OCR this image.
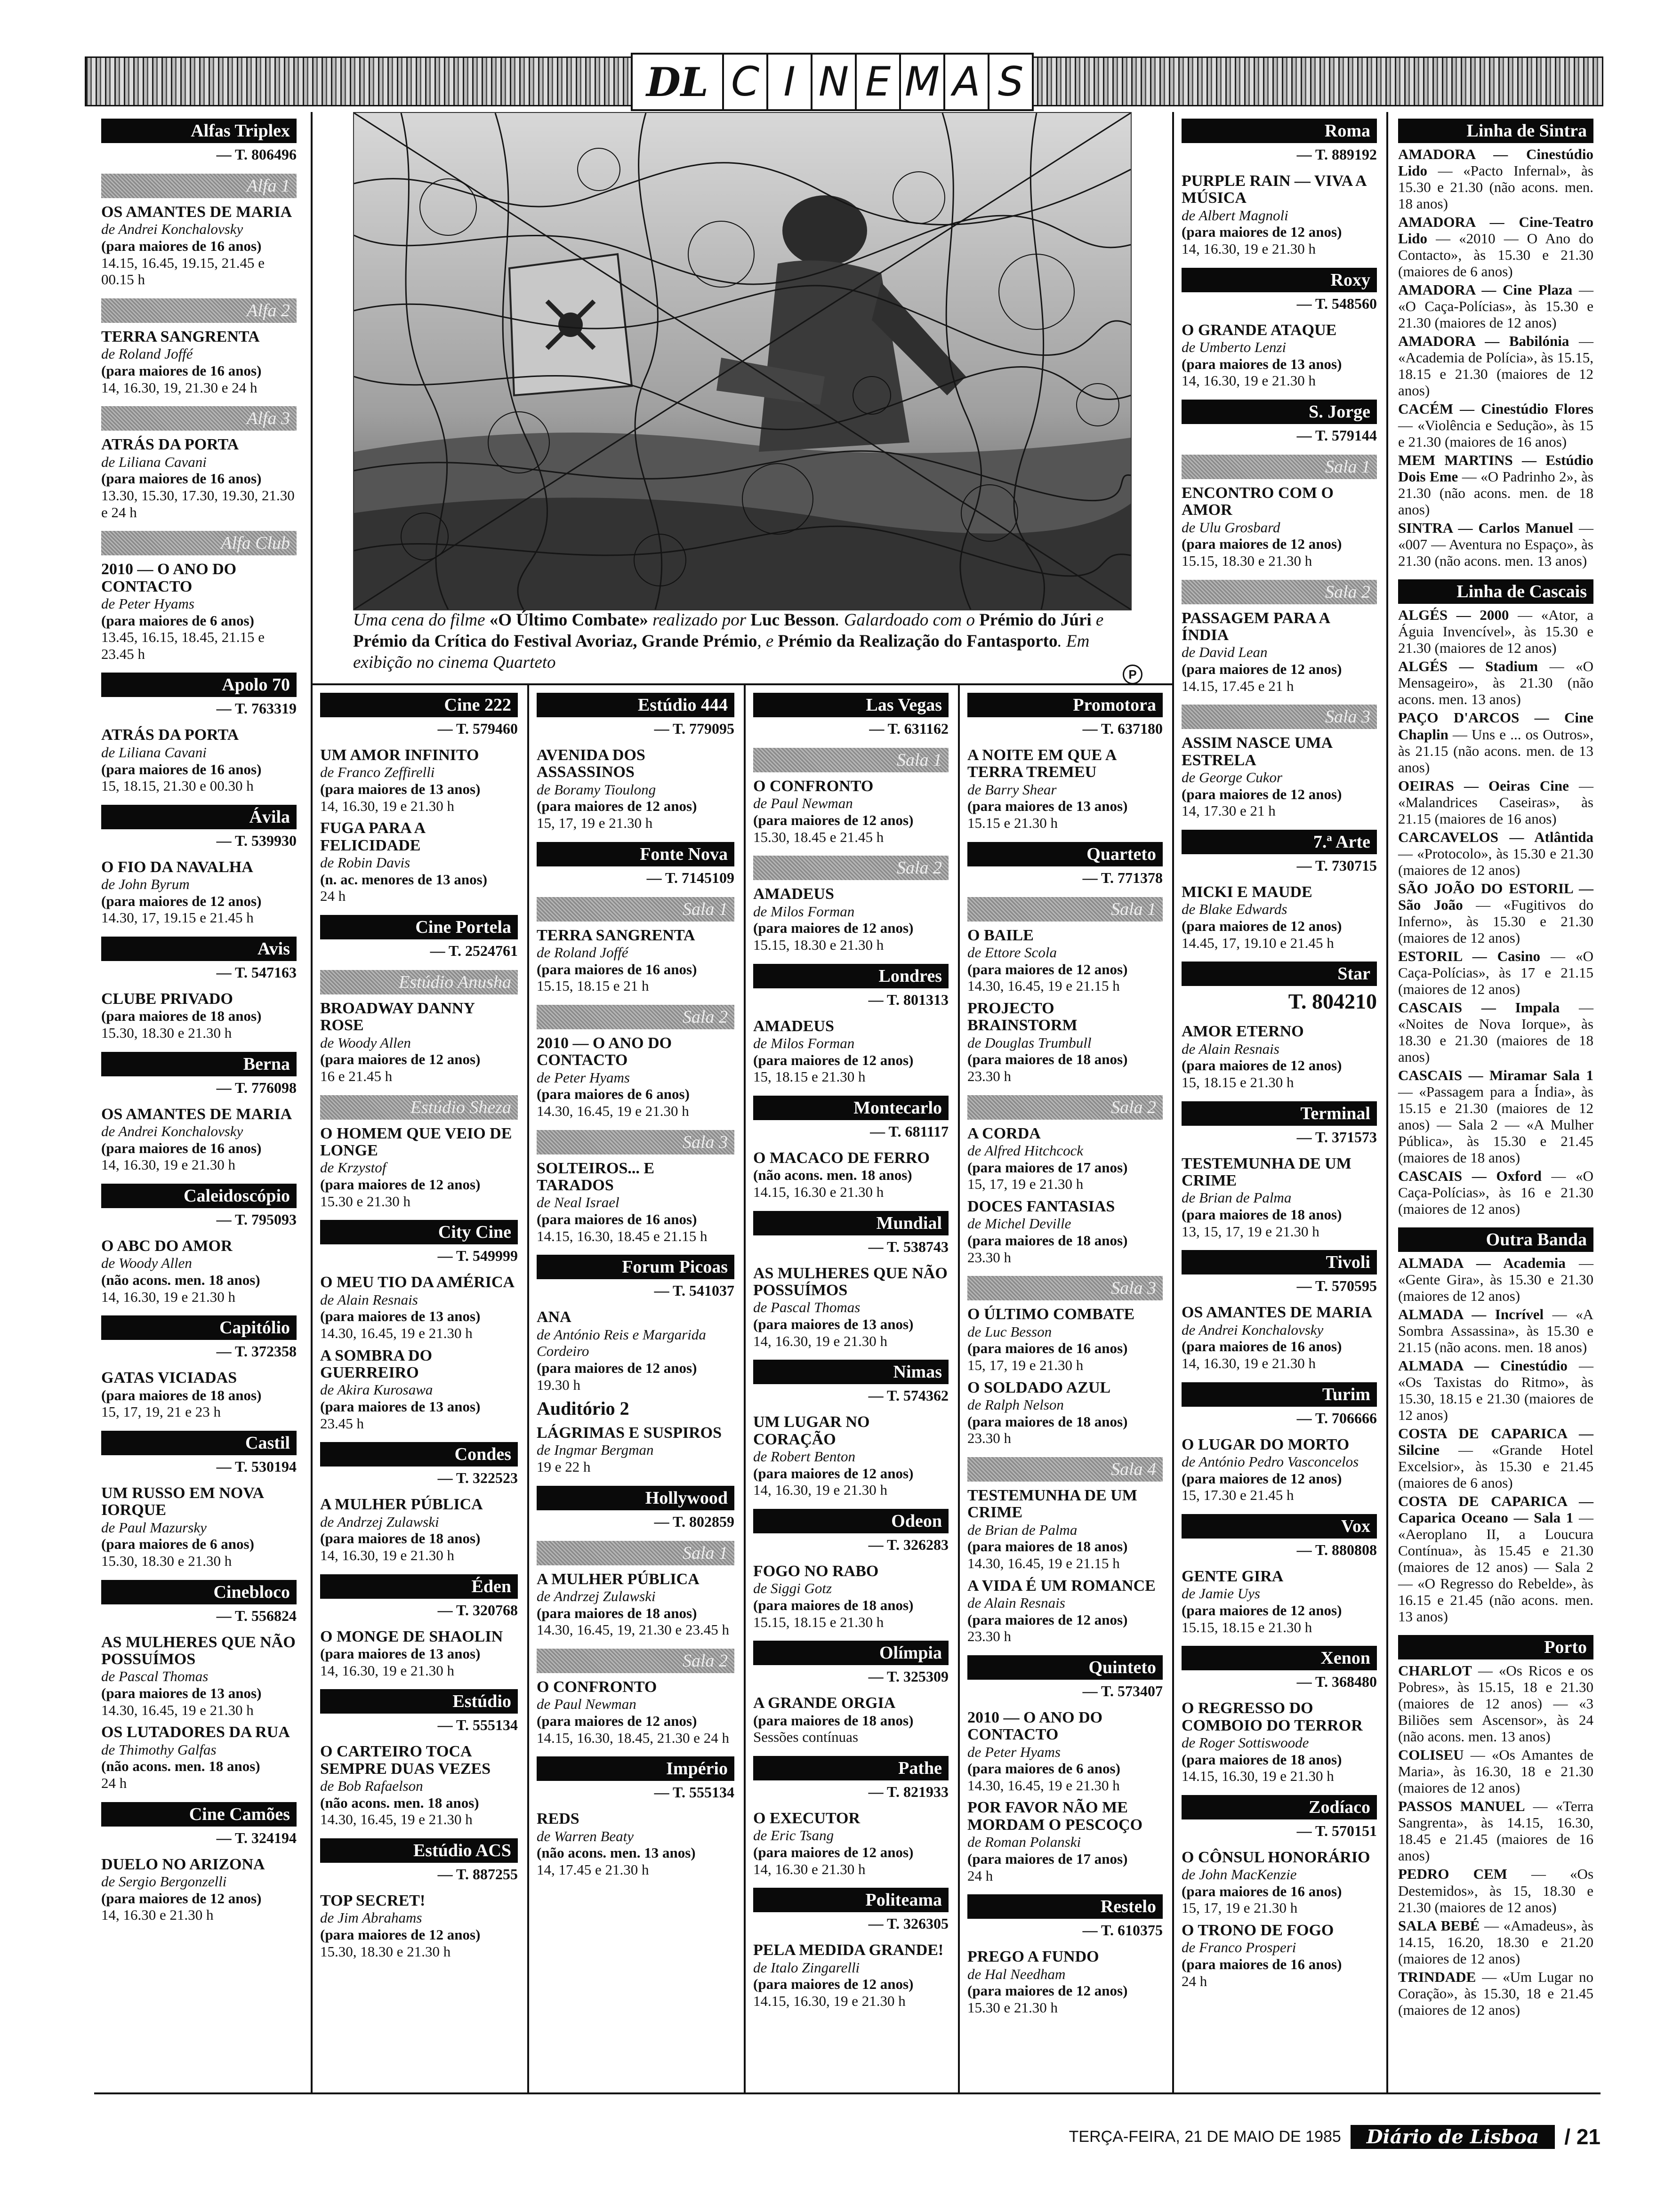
DL C I N E M A S
Uma cena do filme «O Último Combate» realizado por Luc Besson. Galardoado com o Prémio do Júri e Prémio da Crítica do Festival Avoriaz, Grande Prémio, e Prémio da Realização do Fantasporto. Em exibição no cinema Quarteto
P
Alfas Triplex
— T. 806496
Alfa 1
OS AMANTES DE MARIA
de Andrei Konchalovsky
(para maiores de 16 anos)
14.15, 16.45, 19.15, 21.45 e 00.15 h
Alfa 2
TERRA SANGRENTA
de Roland Joffé
(para maiores de 16 anos)
14, 16.30, 19, 21.30 e 24 h
Alfa 3
ATRÁS DA PORTA
de Liliana Cavani
(para maiores de 16 anos)
13.30, 15.30, 17.30, 19.30, 21.30 e 24 h
Alfa Club
2010 — O ANO DO CONTACTO
de Peter Hyams
(para maiores de 6 anos)
13.45, 16.15, 18.45, 21.15 e 23.45 h
Apolo 70
— T. 763319
ATRÁS DA PORTA
de Liliana Cavani
(para maiores de 16 anos)
15, 18.15, 21.30 e 00.30 h
Ávila
— T. 539930
O FIO DA NAVALHA
de John Byrum
(para maiores de 12 anos)
14.30, 17, 19.15 e 21.45 h
Avis
— T. 547163
CLUBE PRIVADO
(para maiores de 18 anos)
15.30, 18.30 e 21.30 h
Berna
— T. 776098
OS AMANTES DE MARIA
de Andrei Konchalovsky
(para maiores de 16 anos)
14, 16.30, 19 e 21.30 h
Caleidoscópio
— T. 795093
O ABC DO AMOR
de Woody Allen
(não acons. men. 18 anos)
14, 16.30, 19 e 21.30 h
Capitólio
— T. 372358
GATAS VICIADAS
(para maiores de 18 anos)
15, 17, 19, 21 e 23 h
Castil
— T. 530194
UM RUSSO EM NOVA IORQUE
de Paul Mazursky
(para maiores de 6 anos)
15.30, 18.30 e 21.30 h
Cinebloco
— T. 556824
AS MULHERES QUE NÃO POSSUÍMOS
de Pascal Thomas
(para maiores de 13 anos)
14.30, 16.45, 19 e 21.30 h
OS LUTADORES DA RUA
de Thimothy Galfas
(não acons. men. 18 anos)
24 h
Cine Camões
— T. 324194
DUELO NO ARIZONA
de Sergio Bergonzelli
(para maiores de 12 anos)
14, 16.30 e 21.30 h
Cine 222
— T. 579460
UM AMOR INFINITO
de Franco Zeffirelli
(para maiores de 13 anos)
14, 16.30, 19 e 21.30 h
FUGA PARA A FELICIDADE
de Robin Davis
(n. ac. menores de 13 anos)
24 h
Cine Portela
— T. 2524761
Estúdio Anusha
BROADWAY DANNY ROSE
de Woody Allen
(para maiores de 12 anos)
16 e 21.45 h
Estúdio Sheza
O HOMEM QUE VEIO DE LONGE
de Krzystof
(para maiores de 12 anos)
15.30 e 21.30 h
City Cine
— T. 549999
O MEU TIO DA AMÉRICA
de Alain Resnais
(para maiores de 13 anos)
14.30, 16.45, 19 e 21.30 h
A SOMBRA DO GUERREIRO
de Akira Kurosawa
(para maiores de 13 anos)
23.45 h
Condes
— T. 322523
A MULHER PÚBLICA
de Andrzej Zulawski
(para maiores de 18 anos)
14, 16.30, 19 e 21.30 h
Éden
— T. 320768
O MONGE DE SHAOLIN
(para maiores de 13 anos)
14, 16.30, 19 e 21.30 h
Estúdio
— T. 555134
O CARTEIRO TOCA SEMPRE DUAS VEZES
de Bob Rafaelson
(não acons. men. 18 anos)
14.30, 16.45, 19 e 21.30 h
Estúdio ACS
— T. 887255
TOP SECRET!
de Jim Abrahams
(para maiores de 12 anos)
15.30, 18.30 e 21.30 h
Estúdio 444
— T. 779095
AVENIDA DOS ASSASSINOS
de Boramy Tioulong
(para maiores de 12 anos)
15, 17, 19 e 21.30 h
Fonte Nova
— T. 7145109
Sala 1
TERRA SANGRENTA
de Roland Joffé
(para maiores de 16 anos)
15.15, 18.15 e 21 h
Sala 2
2010 — O ANO DO CONTACTO
de Peter Hyams
(para maiores de 6 anos)
14.30, 16.45, 19 e 21.30 h
Sala 3
SOLTEIROS... E TARADOS
de Neal Israel
(para maiores de 16 anos)
14.15, 16.30, 18.45 e 21.15 h
Forum Picoas
— T. 541037
ANA
de António Reis e Margarida Cordeiro
(para maiores de 12 anos)
19.30 h
Auditório 2
LÁGRIMAS E SUSPIROS
de Ingmar Bergman
19 e 22 h
Hollywood
— T. 802859
Sala 1
A MULHER PÚBLICA
de Andrzej Zulawski
(para maiores de 18 anos)
14.30, 16.45, 19, 21.30 e 23.45 h
Sala 2
O CONFRONTO
de Paul Newman
(para maiores de 12 anos)
14.15, 16.30, 18.45, 21.30 e 24 h
Império
— T. 555134
REDS
de Warren Beaty
(não acons. men. 13 anos)
14, 17.45 e 21.30 h
Las Vegas
— T. 631162
Sala 1
O CONFRONTO
de Paul Newman
(para maiores de 12 anos)
15.30, 18.45 e 21.45 h
Sala 2
AMADEUS
de Milos Forman
(para maiores de 12 anos)
15.15, 18.30 e 21.30 h
Londres
— T. 801313
AMADEUS
de Milos Forman
(para maiores de 12 anos)
15, 18.15 e 21.30 h
Montecarlo
— T. 681117
O MACACO DE FERRO
(não acons. men. 18 anos)
14.15, 16.30 e 21.30 h
Mundial
— T. 538743
AS MULHERES QUE NÃO POSSUÍMOS
de Pascal Thomas
(para maiores de 13 anos)
14, 16.30, 19 e 21.30 h
Nimas
— T. 574362
UM LUGAR NO CORAÇÃO
de Robert Benton
(para maiores de 12 anos)
14, 16.30, 19 e 21.30 h
Odeon
— T. 326283
FOGO NO RABO
de Siggi Gotz
(para maiores de 18 anos)
15.15, 18.15 e 21.30 h
Olímpia
— T. 325309
A GRANDE ORGIA
(para maiores de 18 anos)
Sessões contínuas
Pathe
— T. 821933
O EXECUTOR
de Eric Tsang
(para maiores de 12 anos)
14, 16.30 e 21.30 h
Politeama
— T. 326305
PELA MEDIDA GRANDE!
de Italo Zingarelli
(para maiores de 12 anos)
14.15, 16.30, 19 e 21.30 h
Promotora
— T. 637180
A NOITE EM QUE A TERRA TREMEU
de Barry Shear
(para maiores de 13 anos)
15.15 e 21.30 h
Quarteto
— T. 771378
Sala 1
O BAILE
de Ettore Scola
(para maiores de 12 anos)
14.30, 16.45, 19 e 21.15 h
PROJECTO BRAINSTORM
de Douglas Trumbull
(para maiores de 18 anos)
23.30 h
Sala 2
A CORDA
de Alfred Hitchcock
(para maiores de 17 anos)
15, 17, 19 e 21.30 h
DOCES FANTASIAS
de Michel Deville
(para maiores de 18 anos)
23.30 h
Sala 3
O ÚLTIMO COMBATE
de Luc Besson
(para maiores de 16 anos)
15, 17, 19 e 21.30 h
O SOLDADO AZUL
de Ralph Nelson
(para maiores de 18 anos)
23.30 h
Sala 4
TESTEMUNHA DE UM CRIME
de Brian de Palma
(para maiores de 18 anos)
14.30, 16.45, 19 e 21.15 h
A VIDA É UM ROMANCE
de Alain Resnais
(para maiores de 12 anos)
23.30 h
Quinteto
— T. 573407
2010 — O ANO DO CONTACTO
de Peter Hyams
(para maiores de 6 anos)
14.30, 16.45, 19 e 21.30 h
POR FAVOR NÃO ME MORDAM O PESCOÇO
de Roman Polanski
(para maiores de 17 anos)
24 h
Restelo
— T. 610375
PREGO A FUNDO
de Hal Needham
(para maiores de 12 anos)
15.30 e 21.30 h
Roma
— T. 889192
PURPLE RAIN — VIVA A MÚSICA
de Albert Magnoli
(para maiores de 12 anos)
14, 16.30, 19 e 21.30 h
Roxy
— T. 548560
O GRANDE ATAQUE
de Umberto Lenzi
(para maiores de 13 anos)
14, 16.30, 19 e 21.30 h
S. Jorge
— T. 579144
Sala 1
ENCONTRO COM O AMOR
de Ulu Grosbard
(para maiores de 12 anos)
15.15, 18.30 e 21.30 h
Sala 2
PASSAGEM PARA A ÍNDIA
de David Lean
(para maiores de 12 anos)
14.15, 17.45 e 21 h
Sala 3
ASSIM NASCE UMA ESTRELA
de George Cukor
(para maiores de 12 anos)
14, 17.30 e 21 h
7.ª Arte
— T. 730715
MICKI E MAUDE
de Blake Edwards
(para maiores de 12 anos)
14.45, 17, 19.10 e 21.45 h
Star
T. 804210
AMOR ETERNO
de Alain Resnais
(para maiores de 12 anos)
15, 18.15 e 21.30 h
Terminal
— T. 371573
TESTEMUNHA DE UM CRIME
de Brian de Palma
(para maiores de 18 anos)
13, 15, 17, 19 e 21.30 h
Tivoli
— T. 570595
OS AMANTES DE MARIA
de Andrei Konchalovsky
(para maiores de 16 anos)
14, 16.30, 19 e 21.30 h
Turim
— T. 706666
O LUGAR DO MORTO
de António Pedro Vasconcelos
(para maiores de 12 anos)
15, 17.30 e 21.45 h
Vox
— T. 880808
GENTE GIRA
de Jamie Uys
(para maiores de 12 anos)
15.15, 18.15 e 21.30 h
Xenon
— T. 368480
O REGRESSO DO COMBOIO DO TERROR
de Roger Sottiswoode
(para maiores de 18 anos)
14.15, 16.30, 19 e 21.30 h
Zodíaco
— T. 570151
O CÔNSUL HONORÁRIO
de John MacKenzie
(para maiores de 16 anos)
15, 17, 19 e 21.30 h
O TRONO DE FOGO
de Franco Prosperi
(para maiores de 16 anos)
24 h
Linha de Sintra
AMADORA — Cinestúdio Lido — «Pacto Infernal», às 15.30 e 21.30 (não acons. men. 18 anos)
AMADORA — Cine-Teatro Lido — «2010 — O Ano do Contacto», às 15.30 e 21.30 (maiores de 6 anos)
AMADORA — Cine Plaza — «O Caça-Polícias», às 15.30 e 21.30 (maiores de 12 anos)
AMADORA — Babilónia — «Academia de Polícia», às 15.15, 18.15 e 21.30 (maiores de 12 anos)
CACÉM — Cinestúdio Flores — «Violência e Sedução», às 15 e 21.30 (maiores de 16 anos)
MEM MARTINS — Estúdio Dois Eme — «O Padrinho 2», às 21.30 (não acons. men. de 18 anos)
SINTRA — Carlos Manuel — «007 — Aventura no Espaço», às 21.30 (não acons. men. 13 anos)
Linha de Cascais
ALGÉS — 2000 — «Ator, a Águia Invencível», às 15.30 e 21.30 (maiores de 12 anos)
ALGÉS — Stadium — «O Mensageiro», às 21.30 (não acons. men. 13 anos)
PAÇO D'ARCOS — Cine Chaplin — Uns e ... os Outros», às 21.15 (não acons. men. de 13 anos)
OEIRAS — Oeiras Cine — «Malandrices Caseiras», às 21.15 (maiores de 16 anos)
CARCAVELOS — Atlântida — «Protocolo», às 15.30 e 21.30 (maiores de 12 anos)
SÃO JOÃO DO ESTORIL — São João — «Fugitivos do Inferno», às 15.30 e 21.30 (maiores de 12 anos)
ESTORIL — Casino — «O Caça-Polícias», às 17 e 21.15 (maiores de 12 anos)
CASCAIS — Impala — «Noites de Nova Iorque», às 18.30 e 21.30 (maiores de 18 anos)
CASCAIS — Miramar Sala 1 — «Passagem para a Índia», às 15.15 e 21.30 (maiores de 12 anos) — Sala 2 — «A Mulher Pública», às 15.30 e 21.45 (maiores de 18 anos)
CASCAIS — Oxford — «O Caça-Polícias», às 16 e 21.30 (maiores de 12 anos)
Outra Banda
ALMADA — Academia — «Gente Gira», às 15.30 e 21.30 (maiores de 12 anos)
ALMADA — Incrível — «A Sombra Assassina», às 15.30 e 21.15 (não acons. men. 18 anos)
ALMADA — Cinestúdio — «Os Taxistas do Ritmo», às 15.30, 18.15 e 21.30 (maiores de 12 anos)
COSTA DE CAPARICA — Silcine — «Grande Hotel Excelsior», às 15.30 e 21.45 (maiores de 6 anos)
COSTA DE CAPARICA — Caparica Oceano — Sala 1 — «Aeroplano II, a Loucura Contínua», às 15.45 e 21.30 (maiores de 12 anos) — Sala 2 — «O Regresso do Rebelde», às 16.15 e 21.45 (não acons. men. 13 anos)
Porto
CHARLOT — «Os Ricos e os Pobres», às 15.15, 18 e 21.30 (maiores de 12 anos) — «3 Biliões sem Ascensor», às 24 (não acons. men. 13 anos)
COLISEU — «Os Amantes de Maria», às 16.30, 18 e 21.30 (maiores de 12 anos)
PASSOS MANUEL — «Terra Sangrenta», às 14.15, 16.30, 18.45 e 21.45 (maiores de 16 anos)
PEDRO CEM — «Os Destemidos», às 15, 18.30 e 21.30 (maiores de 12 anos)
SALA BEBÉ — «Amadeus», às 14.15, 16.20, 18.30 e 21.20 (maiores de 12 anos)
TRINDADE — «Um Lugar no Coração», às 15.30, 18 e 21.45 (maiores de 12 anos)
TERÇA-FEIRA, 21 DE MAIO DE 1985	Diário de Lisboa	/ 21
